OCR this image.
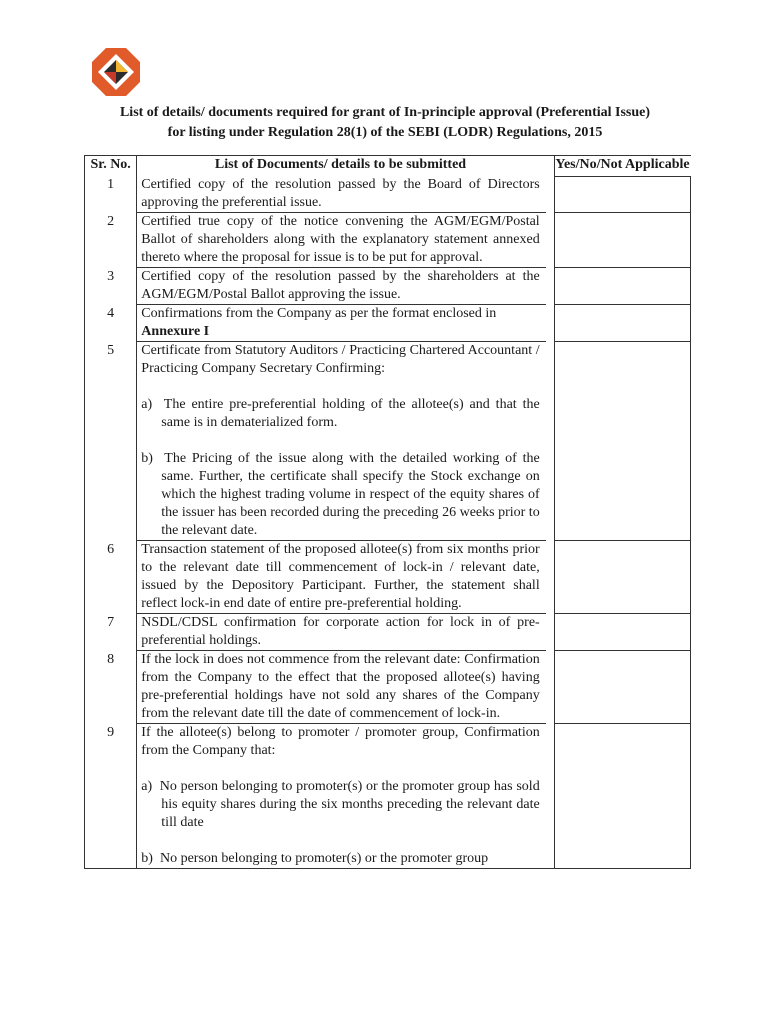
List of details/ documents required for grant of In-principle approval (Preferential Issue)
for listing under Regulation 28(1) of the SEBI (LODR) Regulations, 2015
Sr. No.	List of Documents/ details to be submitted		Yes/No/Not Applicable
1	Certified copy of the resolution passed by the Board of Directors approving the preferential issue.		

2	Certified true copy of the notice convening the AGM/EGM/Postal Ballot of shareholders along with the explanatory statement annexed thereto where the proposal for issue is to be put for approval.		

3	Certified copy of the resolution passed by the shareholders at the AGM/EGM/Postal Ballot approving the issue.		

4	Confirmations from the Company as per the format enclosed in
Annexure I		

5	Certificate from Statutory Auditors / Practicing Chartered Accountant / Practicing Company Secretary Confirming:
a)  The entire pre-preferential holding of the allotee(s) and that the same is in dematerialized form.
b)  The Pricing of the issue along with the detailed working of the same. Further, the certificate shall specify the Stock exchange on which the highest trading volume in respect of the equity shares of the issuer has been recorded during the preceding 26 weeks prior to the relevant date.		

6	Transaction statement of the proposed allotee(s) from six months prior to the relevant date till commencement of lock-in / relevant date, issued by the Depository Participant. Further, the statement shall reflect lock-in end date of entire pre-preferential holding.		

7	NSDL/CDSL confirmation for corporate action for lock in of pre-preferential holdings.		

8	If the lock in does not commence from the relevant date: Confirmation from the Company to the effect that the proposed allotee(s) having pre-preferential holdings have not sold any shares of the Company from the relevant date till the date of commencement of lock-in.		

9	If the allotee(s) belong to promoter / promoter group, Confirmation from the Company that:
a)  No person belonging to promoter(s) or the promoter group has sold his equity shares during the six months preceding the relevant date till date
b)  No person belonging to promoter(s) or the promoter group		
